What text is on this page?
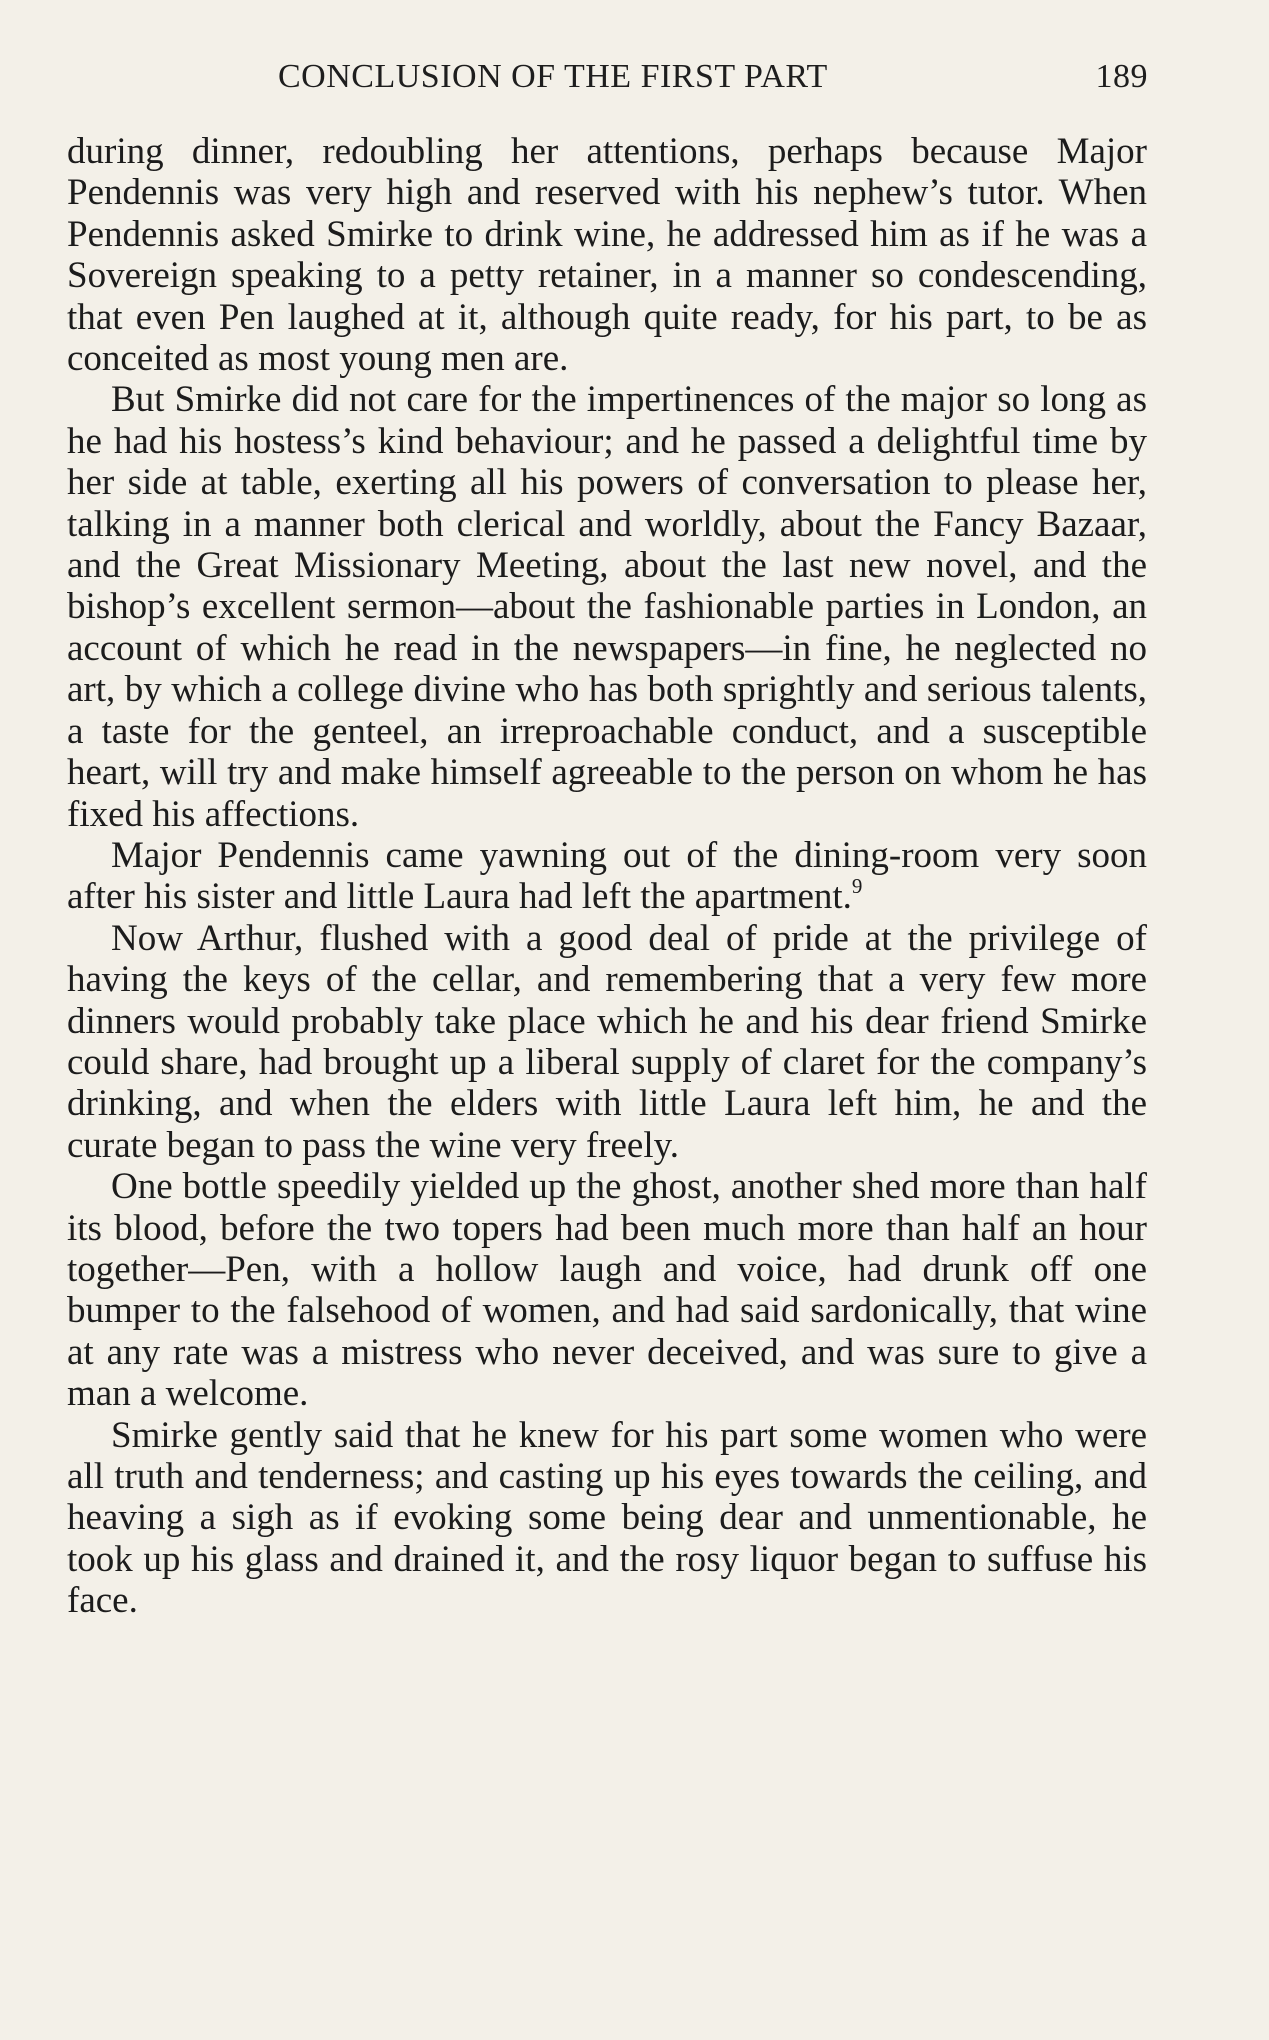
CONCLUSION OF THE FIRST PART	189

during dinner, redoubling her attentions, perhaps because Major Pendennis was very high and reserved with his nephew’s tutor. When Pendennis asked Smirke to drink wine, he addressed him as if he was a Sovereign speaking to a petty retainer, in a manner so condescending, that even Pen laughed at it, although quite ready, for his part, to be as conceited as most young men are.

But Smirke did not care for the impertinences of the major so long as he had his hostess’s kind behaviour; and he passed a delightful time by her side at table, exerting all his powers of conversation to please her, talking in a manner both clerical and worldly, about the Fancy Bazaar, and the Great Missionary Meeting, about the last new novel, and the bishop’s excellent sermon—about the fashionable parties in London, an account of which he read in the newspapers—in fine, he neglected no art, by which a college divine who has both sprightly and serious talents, a taste for the genteel, an irreproachable conduct, and a susceptible heart, will try and make himself agreeable to the person on whom he has fixed his affections.

Major Pendennis came yawning out of the dining-room very soon after his sister and little Laura had left the apartment.$^9$

Now Arthur, flushed with a good deal of pride at the privilege of having the keys of the cellar, and remembering that a very few more dinners would probably take place which he and his dear friend Smirke could share, had brought up a liberal supply of claret for the company’s drinking, and when the elders with little Laura left him, he and the curate began to pass the wine very freely.

One bottle speedily yielded up the ghost, another shed more than half its blood, before the two topers had been much more than half an hour together—Pen, with a hollow laugh and voice, had drunk off one bumper to the falsehood of women, and had said sardonically, that wine at any rate was a mistress who never deceived, and was sure to give a man a welcome.

Smirke gently said that he knew for his part some women who were all truth and tenderness; and casting up his eyes towards the ceiling, and heaving a sigh as if evoking some being dear and unmentionable, he took up his glass and drained it, and the rosy liquor began to suffuse his face.
